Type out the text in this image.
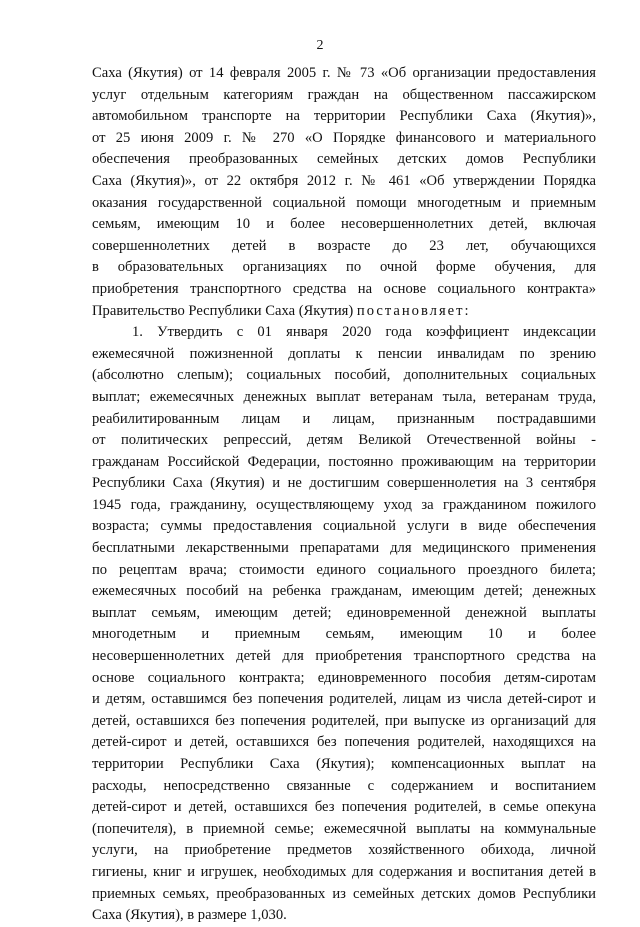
2
Саха (Якутия) от 14 февраля 2005 г. № 73 «Об организации предоставления
услуг отдельным категориям граждан на общественном пассажирском
автомобильном транспорте на территории Республики Саха (Якутия)»,
от 25 июня 2009 г. № 270 «О Порядке финансового и материального
обеспечения преобразованных семейных детских домов Республики
Саха (Якутия)», от 22 октября 2012 г. № 461 «Об утверждении Порядка
оказания государственной социальной помощи многодетным и приемным
семьям, имеющим 10 и более несовершеннолетних детей, включая
совершеннолетних детей в возрасте до 23 лет, обучающихся
в образовательных организациях по очной форме обучения, для
приобретения транспортного средства на основе социального контракта»
Правительство Республики Саха (Якутия) постановляет:
1. Утвердить с 01 января 2020 года коэффициент индексации
ежемесячной пожизненной доплаты к пенсии инвалидам по зрению
(абсолютно слепым); социальных пособий, дополнительных социальных
выплат; ежемесячных денежных выплат ветеранам тыла, ветеранам труда,
реабилитированным лицам и лицам, признанным пострадавшими
от политических репрессий, детям Великой Отечественной войны -
гражданам Российской Федерации, постоянно проживающим на территории
Республики Саха (Якутия) и не достигшим совершеннолетия на 3 сентября
1945 года, гражданину, осуществляющему уход за гражданином пожилого
возраста; суммы предоставления социальной услуги в виде обеспечения
бесплатными лекарственными препаратами для медицинского применения
по рецептам врача; стоимости единого социального проездного билета;
ежемесячных пособий на ребенка гражданам, имеющим детей; денежных
выплат семьям, имеющим детей; единовременной денежной выплаты
многодетным и приемным семьям, имеющим 10 и более
несовершеннолетних детей для приобретения транспортного средства на
основе социального контракта; единовременного пособия детям-сиротам
и детям, оставшимся без попечения родителей, лицам из числа детей-сирот и
детей, оставшихся без попечения родителей, при выпуске из организаций для
детей-сирот и детей, оставшихся без попечения родителей, находящихся на
территории Республики Саха (Якутия); компенсационных выплат на
расходы, непосредственно связанные с содержанием и воспитанием
детей-сирот и детей, оставшихся без попечения родителей, в семье опекуна
(попечителя), в приемной семье; ежемесячной выплаты на коммунальные
услуги, на приобретение предметов хозяйственного обихода, личной
гигиены, книг и игрушек, необходимых для содержания и воспитания детей в
приемных семьях, преобразованных из семейных детских домов Республики
Саха (Якутия), в размере 1,030.
